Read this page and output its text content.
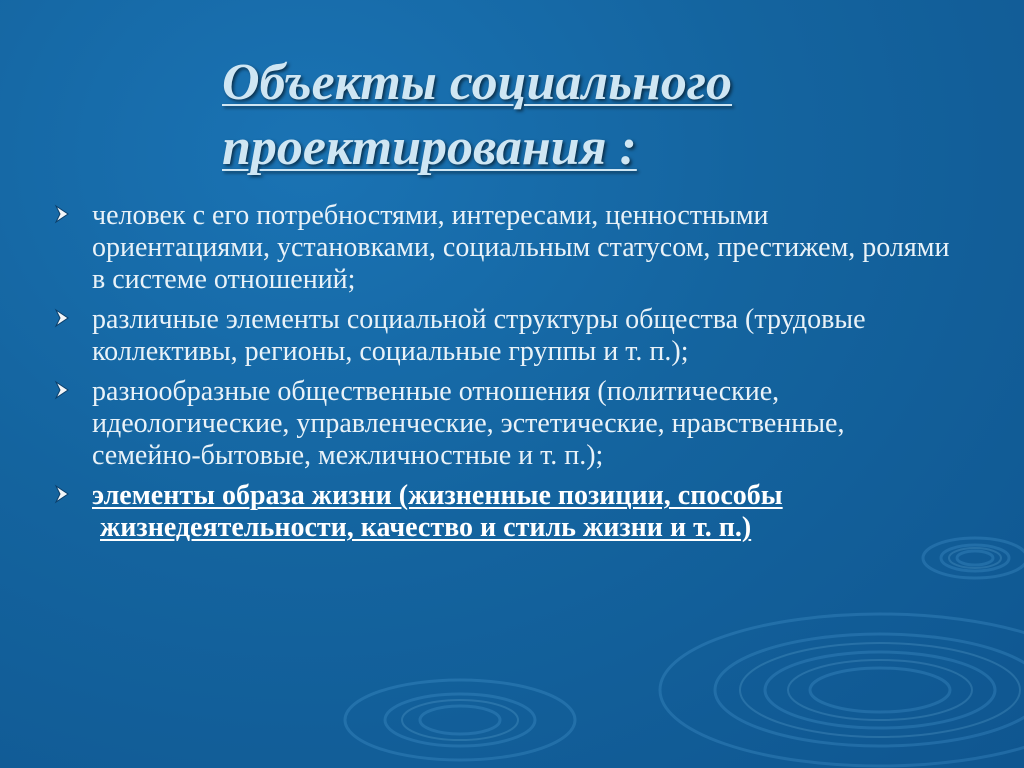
Объекты социального
проектирования :
человек с его потребностями, интересами, ценностными ориентациями, установками, социальным статусом, престижем, ролями в системе отношений;
различные элементы социальной структуры общества (трудовые коллективы, регионы, социальные группы и т. п.);
разнообразные общественные отношения (политические, идеологические, управленческие, эстетические, нравственные, семейно-бытовые, межличностные и т. п.);
элементы образа жизни (жизненные позиции, способы жизнедеятельности, качество и стиль жизни и т. п.)
